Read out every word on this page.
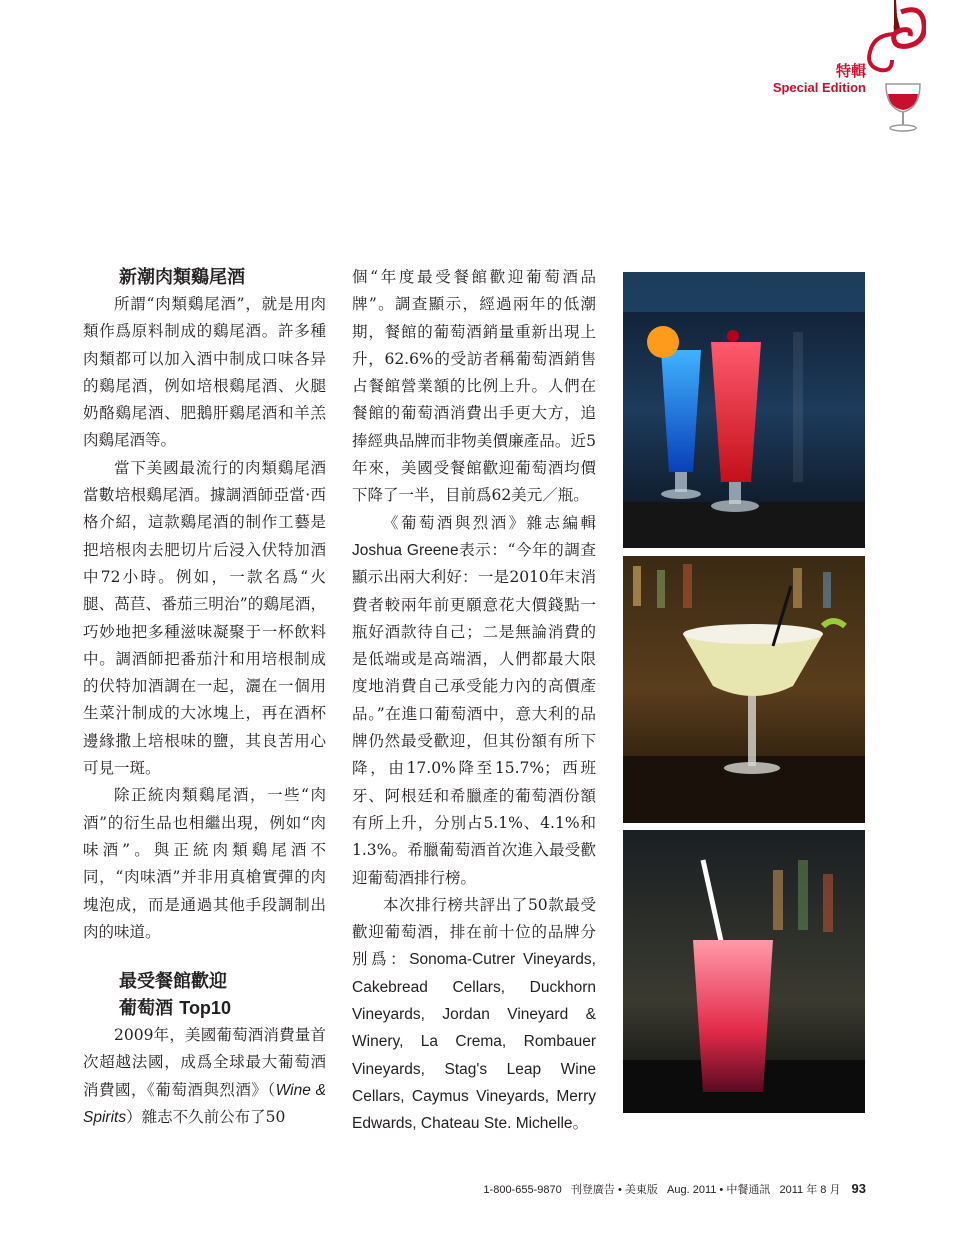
特輯
Special Edition
新潮肉類鷄尾酒

所謂“肉類鷄尾酒”，就是用肉類作爲原料制成的鷄尾酒。許多種肉類都可以加入酒中制成口味各异的鷄尾酒，例如培根鷄尾酒、火腿奶酪鷄尾酒、肥鵝肝鷄尾酒和羊羔肉鷄尾酒等。

當下美國最流行的肉類鷄尾酒當數培根鷄尾酒。據調酒師亞當·西格介紹，這款鷄尾酒的制作工藝是把培根肉去肥切片后浸入伏特加酒中72小時。例如，一款名爲“火腿、萵苣、番茄三明治”的鷄尾酒，巧妙地把多種滋味凝聚于一杯飲料中。調酒師把番茄汁和用培根制成的伏特加酒調在一起，灑在一個用生菜汁制成的大冰塊上，再在酒杯邊緣撒上培根味的鹽，其良苦用心可見一斑。

除正統肉類鷄尾酒，一些“肉酒”的衍生品也相繼出現，例如“肉味酒”。與正統肉類鷄尾酒不同，“肉味酒”并非用真槍實彈的肉塊泡成，而是通過其他手段調制出肉的味道。

最受餐館歡迎
葡萄酒 Top10

2009年，美國葡萄酒消費量首次超越法國，成爲全球最大葡萄酒消費國，《葡萄酒與烈酒》（Wine & Spirits）雜志不久前公布了50

個“年度最受餐館歡迎葡萄酒品牌”。調查顯示，經過兩年的低潮期，餐館的葡萄酒銷量重新出現上升，62.6%的受訪者稱葡萄酒銷售占餐館營業額的比例上升。人們在餐館的葡萄酒消費出手更大方，追捧經典品牌而非物美價廉產品。近5年來，美國受餐館歡迎葡萄酒均價下降了一半，目前爲62美元／瓶。

《葡萄酒與烈酒》雜志編輯Joshua Greene表示：“今年的調查顯示出兩大利好：一是2010年末消費者較兩年前更願意花大價錢點一瓶好酒款待自己；二是無論消費的是低端或是高端酒，人們都最大限度地消費自己承受能力內的高價產品。”在進口葡萄酒中，意大利的品牌仍然最受歡迎，但其份額有所下降，由17.0%降至15.7%；西班牙、阿根廷和希臘產的葡萄酒份額有所上升，分別占5.1%、4.1%和1.3%。希臘葡萄酒首次進入最受歡迎葡萄酒排行榜。

本次排行榜共評出了50款最受歡迎葡萄酒，排在前十位的品牌分別爲：Sonoma-Cutrer Vineyards, Cakebread Cellars, Duckhorn Vineyards, Jordan Vineyard & Winery, La Crema, Rombauer Vineyards, Stag's Leap Wine Cellars, Caymus Vineyards, Merry Edwards, Chateau Ste. Michelle。

1-800-655-9870 刊登廣告 • 美東版 Aug. 2011 • 中餐通訊 2011 年 8 月 93
